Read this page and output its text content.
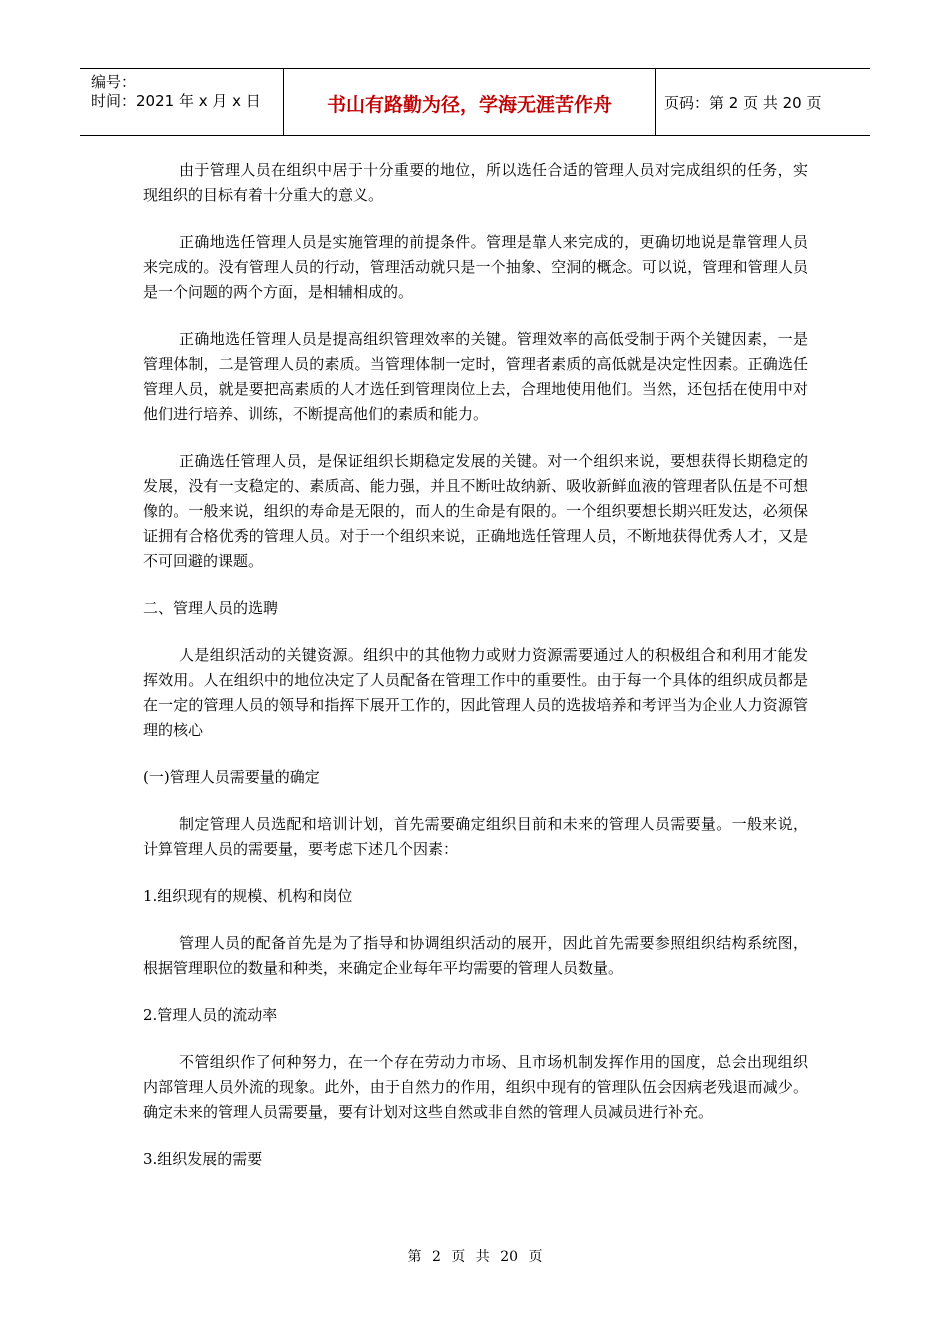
编号：
时间：2021 年 x 月 x 日	书山有路勤为径，学海无涯苦作舟	页码：第 2 页 共 20 页

由于管理人员在组织中居于十分重要的地位，所以选任合适的管理人员对完成组织的任务，实现组织的目标有着十分重大的意义。

正确地选任管理人员是实施管理的前提条件。管理是靠人来完成的，更确切地说是靠管理人员来完成的。没有管理人员的行动，管理活动就只是一个抽象、空洞的概念。可以说，管理和管理人员是一个问题的两个方面，是相辅相成的。

正确地选任管理人员是提高组织管理效率的关键。管理效率的高低受制于两个关键因素，一是管理体制，二是管理人员的素质。当管理体制一定时，管理者素质的高低就是决定性因素。正确选任管理人员，就是要把高素质的人才选任到管理岗位上去，合理地使用他们。当然，还包括在使用中对他们进行培养、训练，不断提高他们的素质和能力。

正确选任管理人员，是保证组织长期稳定发展的关键。对一个组织来说，要想获得长期稳定的发展，没有一支稳定的、素质高、能力强，并且不断吐故纳新、吸收新鲜血液的管理者队伍是不可想像的。一般来说，组织的寿命是无限的，而人的生命是有限的。一个组织要想长期兴旺发达，必须保证拥有合格优秀的管理人员。对于一个组织来说，正确地选任管理人员，不断地获得优秀人才，又是不可回避的课题。

二、管理人员的选聘

人是组织活动的关键资源。组织中的其他物力或财力资源需要通过人的积极组合和利用才能发挥效用。人在组织中的地位决定了人员配备在管理工作中的重要性。由于每一个具体的组织成员都是在一定的管理人员的领导和指挥下展开工作的，因此管理人员的选拔培养和考评当为企业人力资源管理的核心

(一)管理人员需要量的确定

制定管理人员选配和培训计划，首先需要确定组织目前和未来的管理人员需要量。一般来说，计算管理人员的需要量，要考虑下述几个因素：

1.组织现有的规模、机构和岗位

管理人员的配备首先是为了指导和协调组织活动的展开，因此首先需要参照组织结构系统图，根据管理职位的数量和种类，来确定企业每年平均需要的管理人员数量。

2.管理人员的流动率

不管组织作了何种努力，在一个存在劳动力市场、且市场机制发挥作用的国度，总会出现组织内部管理人员外流的现象。此外，由于自然力的作用，组织中现有的管理队伍会因病老残退而减少。确定未来的管理人员需要量，要有计划对这些自然或非自然的管理人员减员进行补充。

3.组织发展的需要

第 2 页 共 20 页
